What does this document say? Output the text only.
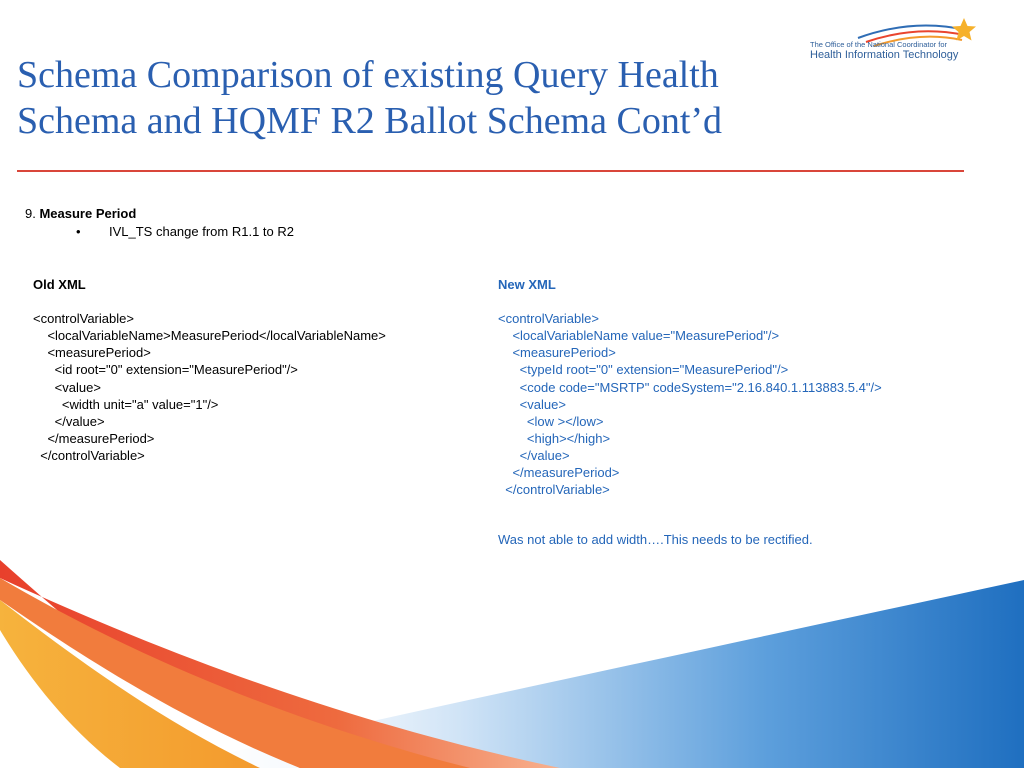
The Office of the National Coordinator for
Health Information Technology
Schema Comparison of existing Query Health
Schema and HQMF R2 Ballot Schema Cont’d
9. Measure Period
• IVL_TS change from R1.1 to R2
Old XML
<controlVariable>
<localVariableName>MeasurePeriod</localVariableName>
<measurePeriod>
<id root="0" extension="MeasurePeriod"/>
<value>
<width unit="a" value="1"/>
</value>
</measurePeriod>
</controlVariable>
New XML
<controlVariable>
<localVariableName value="MeasurePeriod"/>
<measurePeriod>
<typeId root="0" extension="MeasurePeriod"/>
<code code="MSRTP" codeSystem="2.16.840.1.113883.5.4"/>
<value>
<low ></low>
<high></high>
</value>
</measurePeriod>
</controlVariable>
Was not able to add width….This needs to be rectified.
